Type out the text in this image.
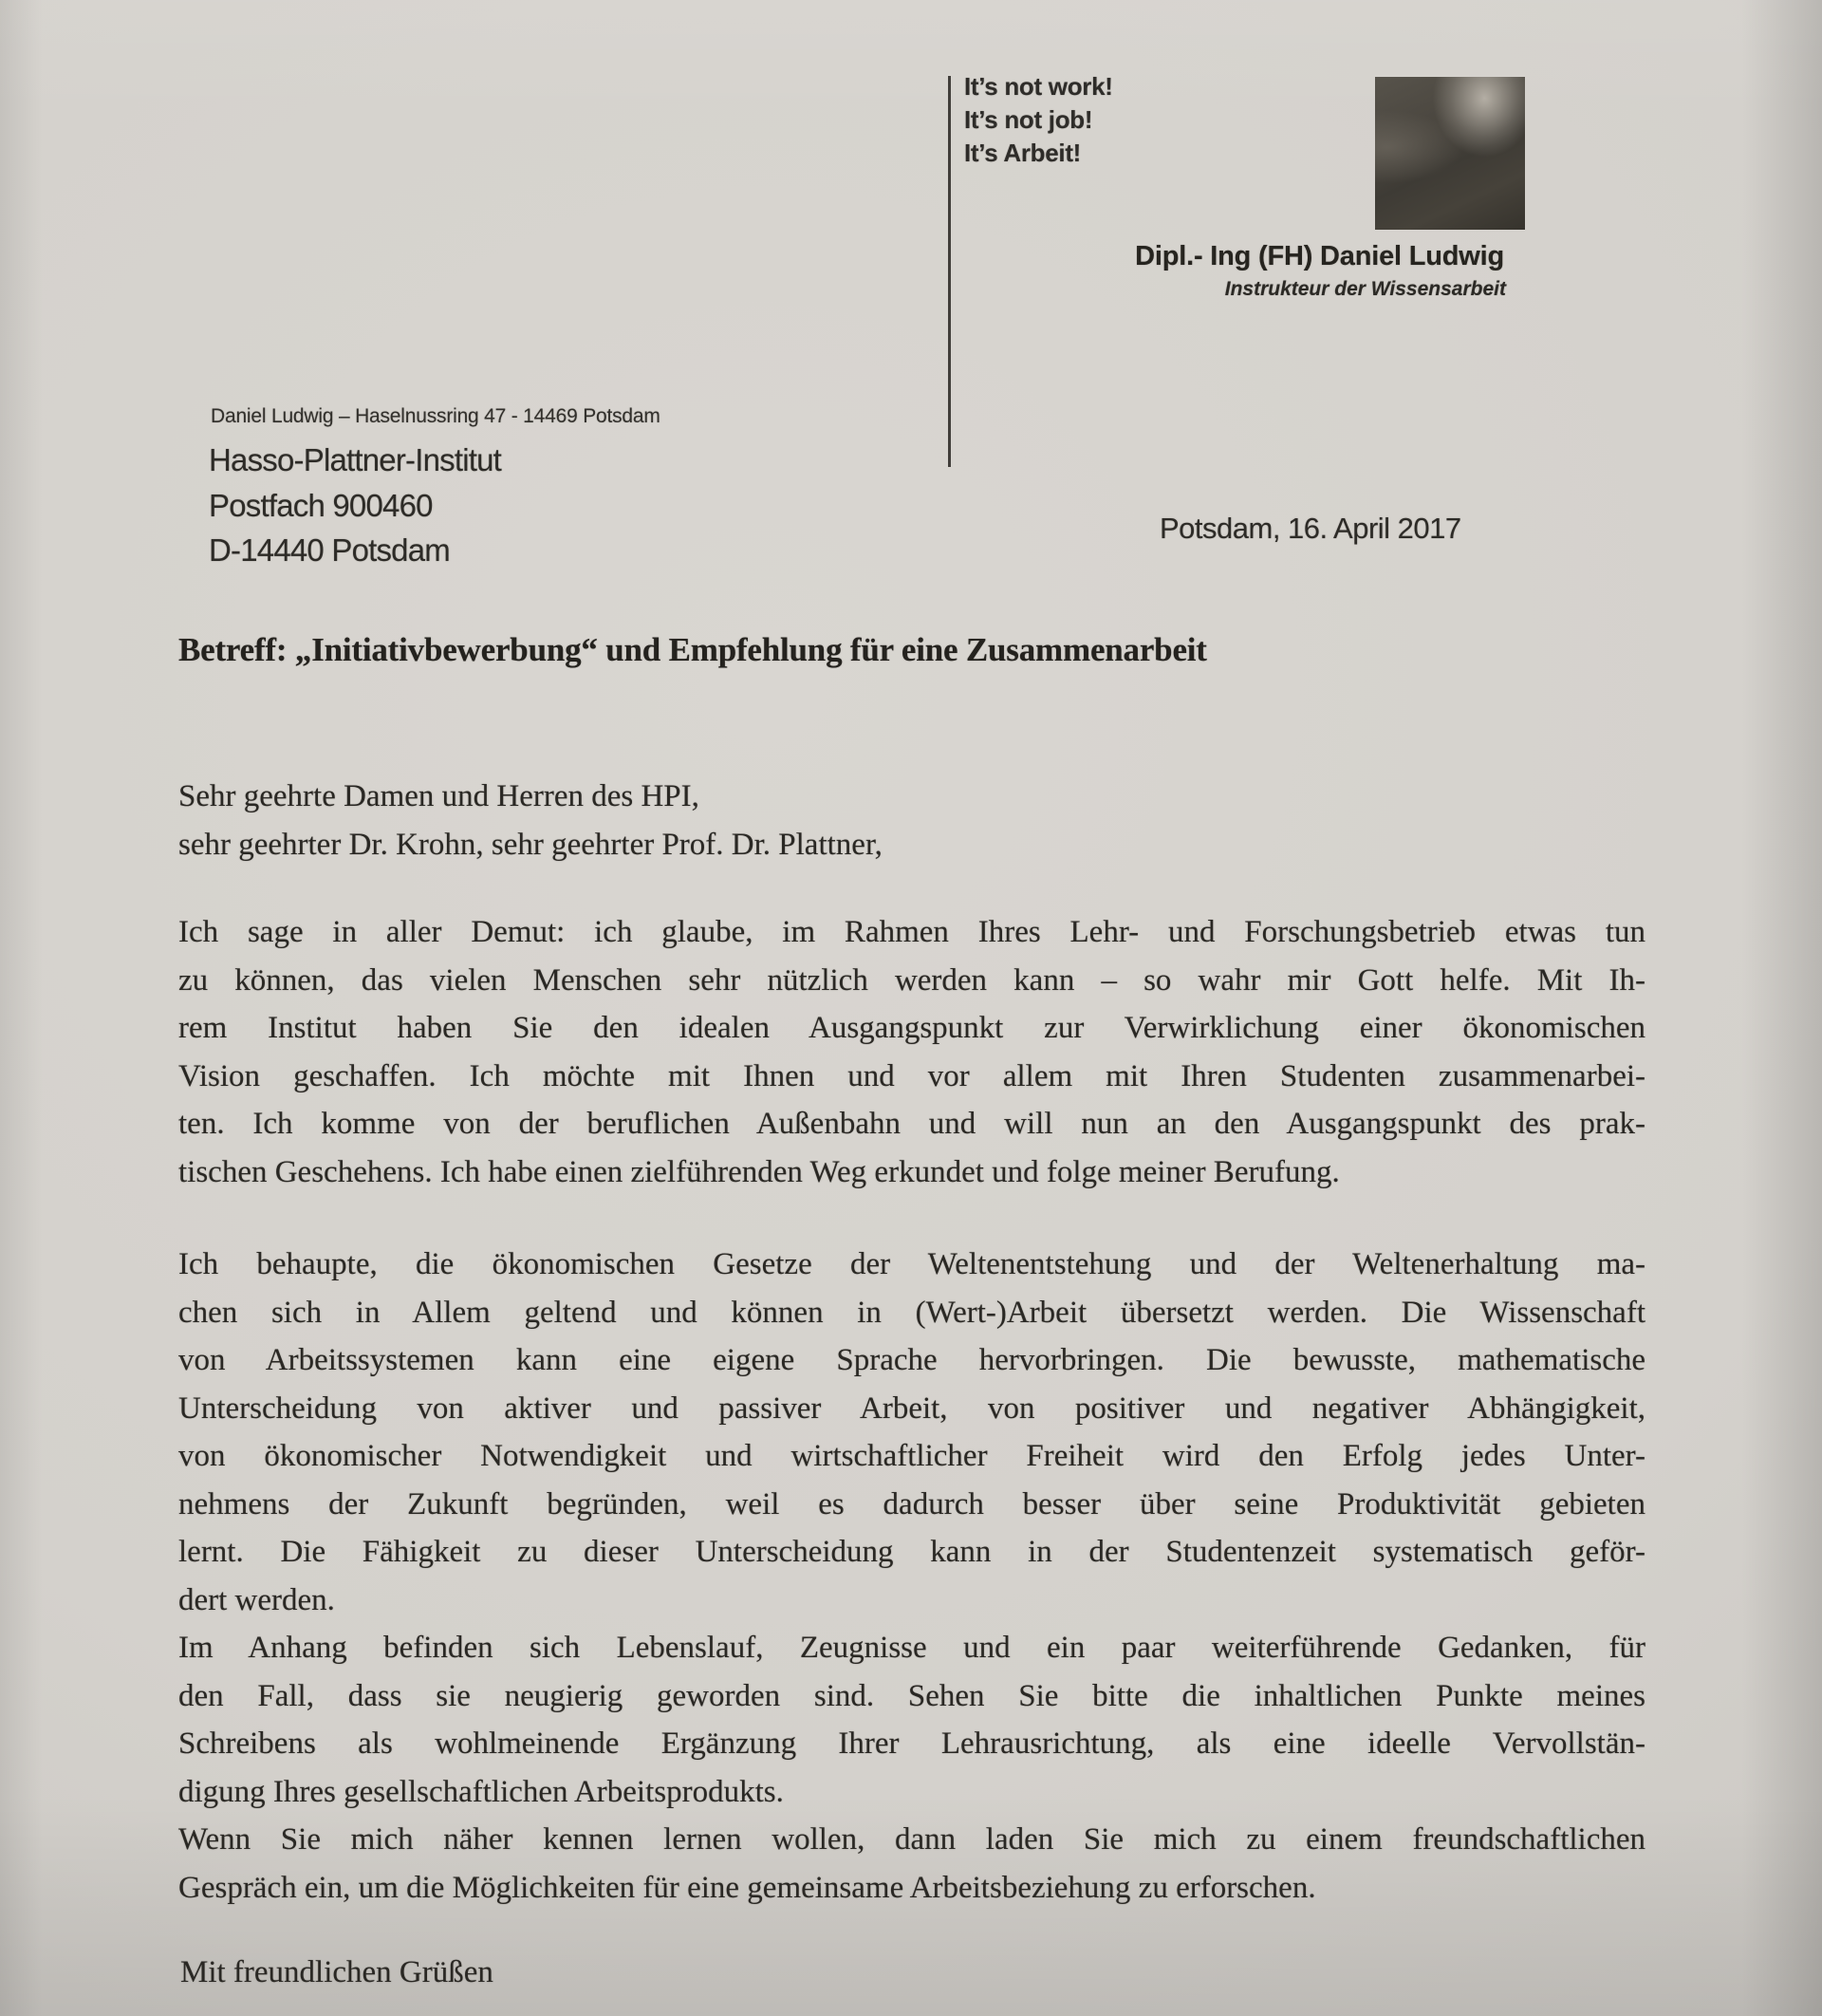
It’s not work!
It’s not job!
It’s Arbeit!
Dipl.- Ing (FH) Daniel Ludwig
Instrukteur der Wissensarbeit
Daniel Ludwig – Haselnussring 47 - 14469 Potsdam
Hasso-Plattner-Institut
Postfach 900460
D-14440 Potsdam
Potsdam, 16. April 2017
Betreff: „Initiativbewerbung“ und Empfehlung für eine Zusammenarbeit
Sehr geehrte Damen und Herren des HPI,
sehr geehrter Dr. Krohn, sehr geehrter Prof. Dr. Plattner,
Ich sage in aller Demut: ich glaube, im Rahmen Ihres Lehr- und Forschungsbetrieb etwas tun
zu können, das vielen Menschen sehr nützlich werden kann – so wahr mir Gott helfe. Mit Ih-
rem Institut haben Sie den idealen Ausgangspunkt zur Verwirklichung einer ökonomischen
Vision geschaffen. Ich möchte mit Ihnen und vor allem mit Ihren Studenten zusammenarbei-
ten. Ich komme von der beruflichen Außenbahn und will nun an den Ausgangspunkt des prak-
tischen Geschehens. Ich habe einen zielführenden Weg erkundet und folge meiner Berufung.
Ich behaupte, die ökonomischen Gesetze der Weltenentstehung und der Weltenerhaltung ma-
chen sich in Allem geltend und können in (Wert-)Arbeit übersetzt werden. Die Wissenschaft
von Arbeitssystemen kann eine eigene Sprache hervorbringen. Die bewusste, mathematische
Unterscheidung von aktiver und passiver Arbeit, von positiver und negativer Abhängigkeit,
von ökonomischer Notwendigkeit und wirtschaftlicher Freiheit wird den Erfolg jedes Unter-
nehmens der Zukunft begründen, weil es dadurch besser über seine Produktivität gebieten
lernt. Die Fähigkeit zu dieser Unterscheidung kann in der Studentenzeit systematisch geför-
dert werden.
Im Anhang befinden sich Lebenslauf, Zeugnisse und ein paar weiterführende Gedanken, für
den Fall, dass sie neugierig geworden sind. Sehen Sie bitte die inhaltlichen Punkte meines
Schreibens als wohlmeinende Ergänzung Ihrer Lehrausrichtung, als eine ideelle Vervollstän-
digung Ihres gesellschaftlichen Arbeitsprodukts.
Wenn Sie mich näher kennen lernen wollen, dann laden Sie mich zu einem freundschaftlichen
Gespräch ein, um die Möglichkeiten für eine gemeinsame Arbeitsbeziehung zu erforschen.
Mit freundlichen Grüßen
